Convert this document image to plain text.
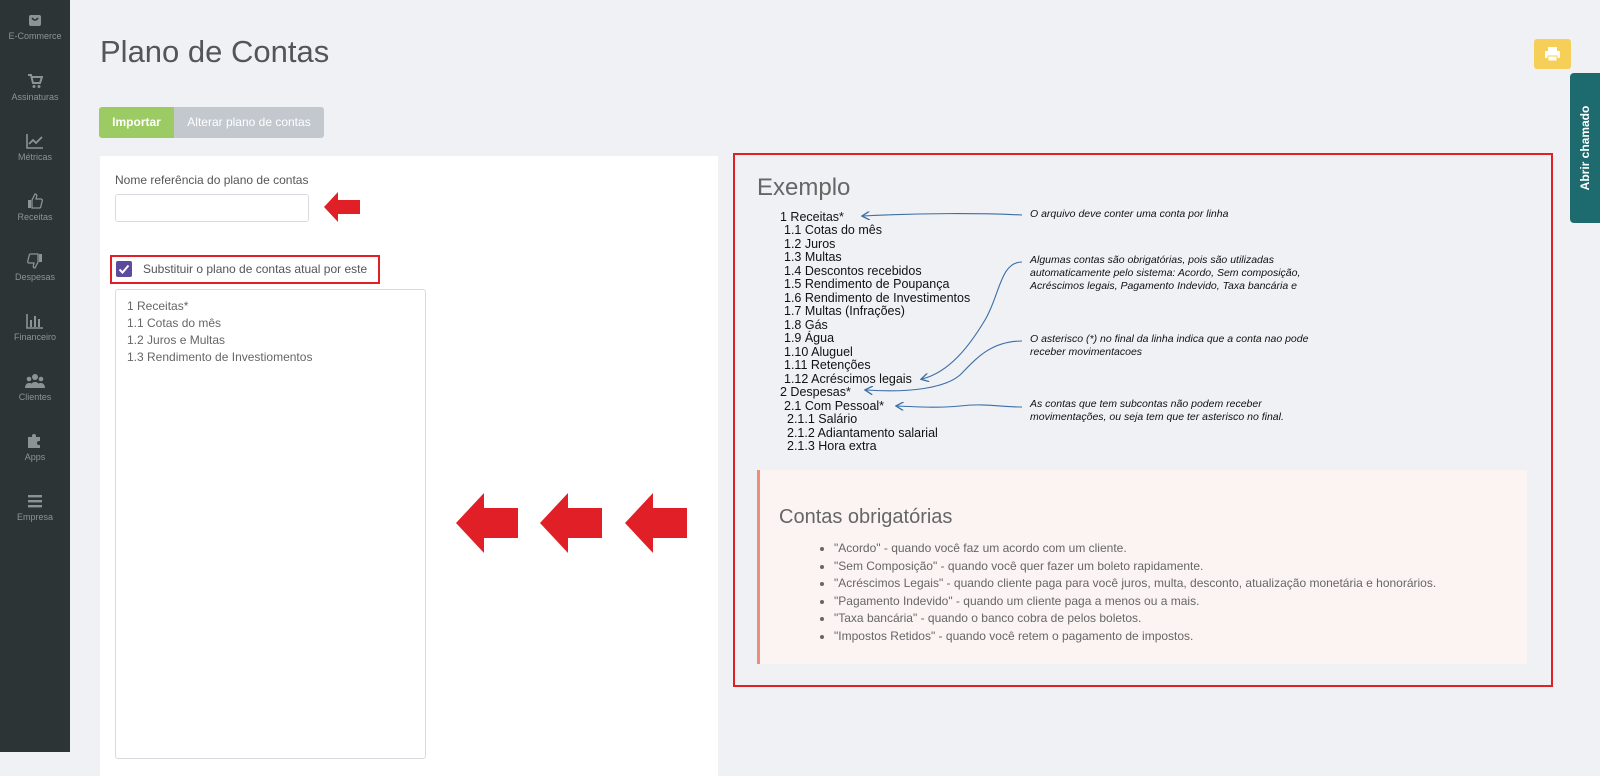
E-Commerce
Assinaturas
Métricas
Receitas
Despesas
Financeiro
Clientes
Apps
Empresa
Plano de Contas
Importar	Alterar plano de contas	Abrir chamado
Nome referência do plano de contas
Substituir o plano de contas atual por este
1 Receitas*
1.1 Cotas do mês
1.2 Juros e Multas
1.3 Rendimento de Investiomentos
Exemplo
1 Receitas*
1.1 Cotas do mês
1.2 Juros
1.3 Multas
1.4 Descontos recebidos
1.5 Rendimento de Poupança
1.6 Rendimento de Investimentos
1.7 Multas (Infrações)
1.8 Gás
1.9 Água
1.10 Aluguel
1.11 Retenções
1.12 Acréscimos legais
2 Despesas*
2.1 Com Pessoal*
2.1.1 Salário
2.1.2 Adiantamento salarial
2.1.3 Hora extra
O arquivo deve conter uma conta por linha
Algumas contas são obrigatórias, pois são utilizadas
automaticamente pelo sistema: Acordo, Sem composição,
Acréscimos legais, Pagamento Indevido, Taxa bancária e
O asterisco (*) no final da linha indica que a conta nao pode
receber movimentacoes
As contas que tem subcontas não podem receber
movimentações, ou seja tem que ter asterisco no final.
Contas obrigatórias
• "Acordo" - quando você faz um acordo com um cliente.
• "Sem Composição" - quando você quer fazer um boleto rapidamente.
• "Acréscimos Legais" - quando cliente paga para você juros, multa, desconto, atualização monetária e honorários.
• "Pagamento Indevido" - quando um cliente paga a menos ou a mais.
• "Taxa bancária" - quando o banco cobra de pelos boletos.
• "Impostos Retidos" - quando você retem o pagamento de impostos.
